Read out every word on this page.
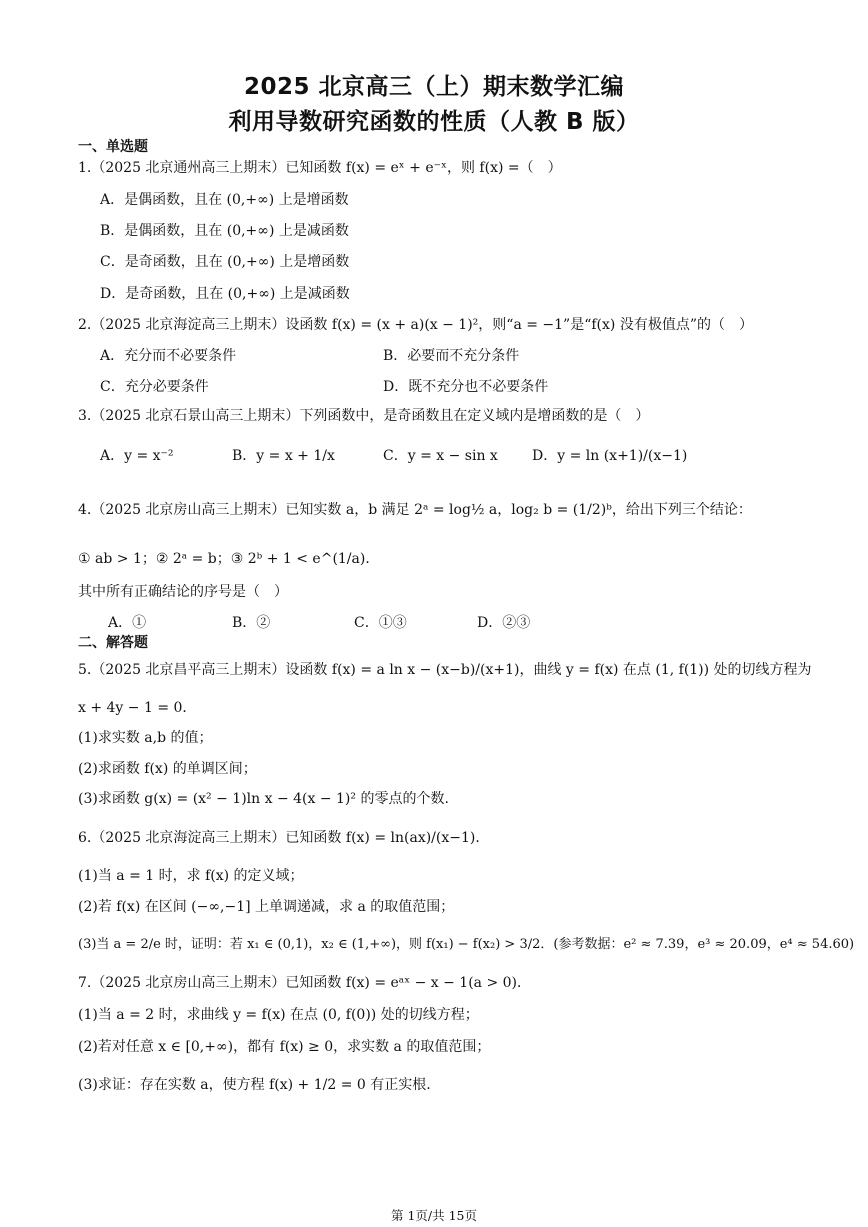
2025 北京高三（上）期末数学汇编
利用导数研究函数的性质（人教 B 版）
一、单选题
1.（2025 北京通州高三上期末）已知函数 f(x) = eˣ + e⁻ˣ，则 f(x) =（　）
A．是偶函数，且在 (0,+∞) 上是增函数
B．是偶函数，且在 (0,+∞) 上是减函数
C．是奇函数，且在 (0,+∞) 上是增函数
D．是奇函数，且在 (0,+∞) 上是减函数
2.（2025 北京海淀高三上期末）设函数 f(x) = (x + a)(x − 1)²，则“a = −1”是“f(x) 没有极值点”的（　）
A．充分而不必要条件	B．必要而不充分条件
C．充分必要条件	D．既不充分也不必要条件
3.（2025 北京石景山高三上期末）下列函数中，是奇函数且在定义域内是增函数的是（　）
A．y = x⁻²	B．y = x + 1/x	C．y = x − sin x D．y = ln (x+1)/(x−1)
4.（2025 北京房山高三上期末）已知实数 a，b 满足 2ᵃ = log½ a，log₂ b = (1/2)ᵇ，给出下列三个结论：
① ab > 1；② 2ᵃ = b；③ 2ᵇ + 1 < e^(1/a)．
其中所有正确结论的序号是（　）
A．①	B．②	C．①③	D．②③
二、解答题
5.（2025 北京昌平高三上期末）设函数 f(x) = a ln x − (x−b)/(x+1)，曲线 y = f(x) 在点 (1, f(1)) 处的切线方程为
x + 4y − 1 = 0．
(1)求实数 a,b 的值；
(2)求函数 f(x) 的单调区间；
(3)求函数 g(x) = (x² − 1)ln x − 4(x − 1)² 的零点的个数.
6.（2025 北京海淀高三上期末）已知函数 f(x) = ln(ax)/(x−1)．
(1)当 a = 1 时，求 f(x) 的定义域；
(2)若 f(x) 在区间 (−∞,−1] 上单调递减，求 a 的取值范围；
(3)当 a = 2/e 时，证明：若 x₁ ∈ (0,1)，x₂ ∈ (1,+∞)，则 f(x₁) − f(x₂) > 3/2．(参考数据：e² ≈ 7.39，e³ ≈ 20.09，e⁴ ≈ 54.60)
7.（2025 北京房山高三上期末）已知函数 f(x) = eᵃˣ − x − 1(a > 0)．
(1)当 a = 2 时，求曲线 y = f(x) 在点 (0, f(0)) 处的切线方程；
(2)若对任意 x ∈ [0,+∞)，都有 f(x) ≥ 0，求实数 a 的取值范围；
(3)求证：存在实数 a，使方程 f(x) + 1/2 = 0 有正实根.
第 1页/共 15页
